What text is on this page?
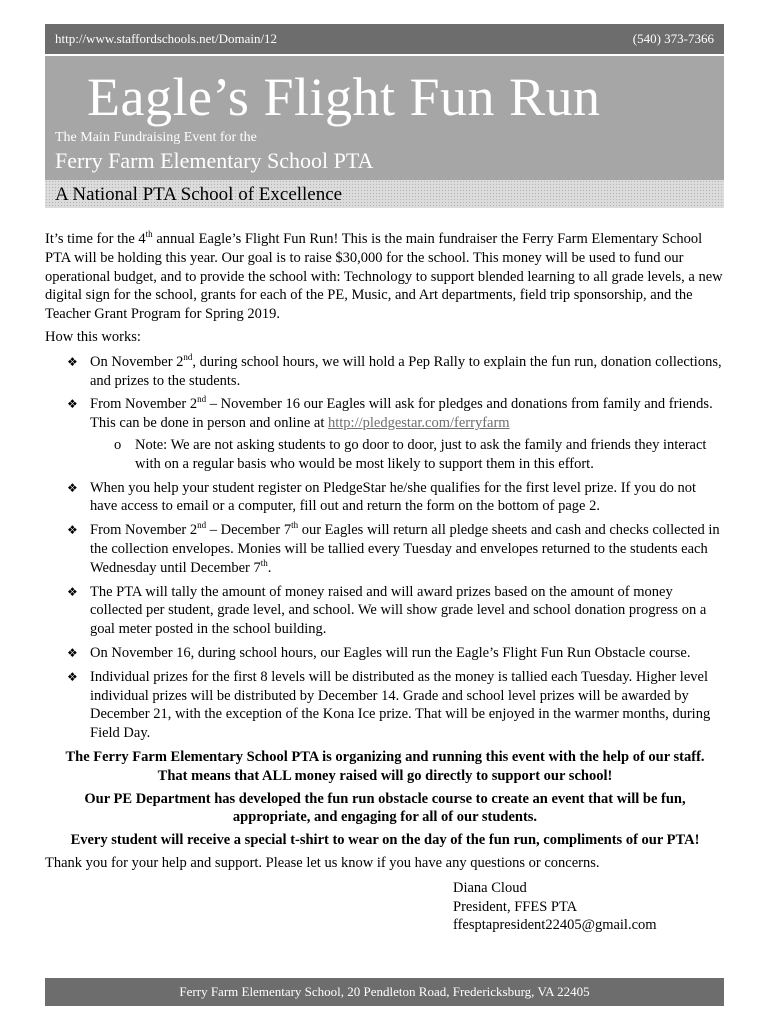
http://www.staffordschools.net/Domain/12	(540) 373-7366
Eagle’s Flight Fun Run
The Main Fundraising Event for the
Ferry Farm Elementary School PTA
A National PTA School of Excellence

It’s time for the 4th annual Eagle’s Flight Fun Run! This is the main fundraiser the Ferry Farm Elementary School PTA will be holding this year. Our goal is to raise $30,000 for the school. This money will be used to fund our operational budget, and to provide the school with: Technology to support blended learning to all grade levels, a new digital sign for the school, grants for each of the PE, Music, and Art departments, field trip sponsorship, and the Teacher Grant Program for Spring 2019.

How this works:

❖ On November 2nd, during school hours, we will hold a Pep Rally to explain the fun run, donation collections, and prizes to the students.
❖ From November 2nd – November 16 our Eagles will ask for pledges and donations from family and friends. This can be done in person and online at http://pledgestar.com/ferryfarm
o Note: We are not asking students to go door to door, just to ask the family and friends they interact with on a regular basis who would be most likely to support them in this effort.
❖ When you help your student register on PledgeStar he/she qualifies for the first level prize. If you do not have access to email or a computer, fill out and return the form on the bottom of page 2.
❖ From November 2nd – December 7th our Eagles will return all pledge sheets and cash and checks collected in the collection envelopes. Monies will be tallied every Tuesday and envelopes returned to the students each Wednesday until December 7th.
❖ The PTA will tally the amount of money raised and will award prizes based on the amount of money collected per student, grade level, and school. We will show grade level and school donation progress on a goal meter posted in the school building.
❖ On November 16, during school hours, our Eagles will run the Eagle’s Flight Fun Run Obstacle course.
❖ Individual prizes for the first 8 levels will be distributed as the money is tallied each Tuesday. Higher level individual prizes will be distributed by December 14. Grade and school level prizes will be awarded by December 21, with the exception of the Kona Ice prize. That will be enjoyed in the warmer months, during Field Day.

The Ferry Farm Elementary School PTA is organizing and running this event with the help of our staff. That means that ALL money raised will go directly to support our school!

Our PE Department has developed the fun run obstacle course to create an event that will be fun, appropriate, and engaging for all of our students.

Every student will receive a special t-shirt to wear on the day of the fun run, compliments of our PTA!

Thank you for your help and support. Please let us know if you have any questions or concerns.

Diana Cloud
President, FFES PTA
ffesptapresident22405@gmail.com
Ferry Farm Elementary School, 20 Pendleton Road, Fredericksburg, VA 22405
